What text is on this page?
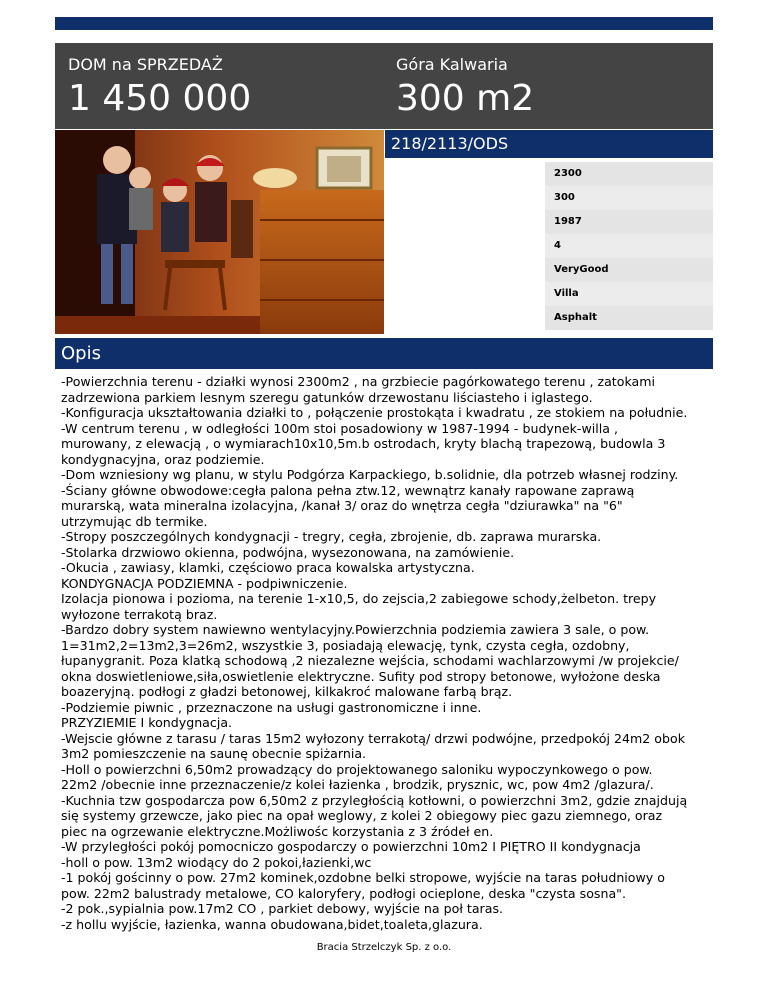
DOM na SPRZEDAŻ
1 450 000
Góra Kalwaria
300 m2
218/2113/ODS
2300
300
1987
4
VeryGood
Villa
Asphalt
Opis
-Powierzchnia terenu - działki wynosi 2300m2 , na grzbiecie pagórkowatego terenu , zatokami
zadrzewiona parkiem lesnym szeregu gatunków drzewostanu liściasteho i iglastego.
-Konfiguracja ukształtowania działki to , połączenie prostokąta i kwadratu , ze stokiem na południe.
-W centrum terenu , w odległości 100m stoi posadowiony w 1987-1994 - budynek-willa ,
murowany, z elewacją , o wymiarach10x10,5m.b ostrodach, kryty blachą trapezową, budowla 3
kondygnacyjna, oraz podziemie.
-Dom wzniesiony wg planu, w stylu Podgórza Karpackiego, b.solidnie, dla potrzeb własnej rodziny.
-Ściany główne obwodowe:cegła palona pełna ztw.12, wewnątrz kanały rapowane zaprawą
murarską, wata mineralna izolacyjna, /kanał 3/ oraz do wnętrza cegła "dziurawka" na "6"
utrzymując db termike.
-Stropy poszczególnych kondygnacji - tregry, cegła, zbrojenie, db. zaprawa murarska.
-Stolarka drzwiowo okienna, podwójna, wysezonowana, na zamówienie.
-Okucia , zawiasy, klamki, częściowo praca kowalska artystyczna.
KONDYGNACJA PODZIEMNA - podpiwniczenie.
Izolacja pionowa i pozioma, na terenie 1-x10,5, do zejscia,2 zabiegowe schody,żelbeton. trepy
wyłozone terrakotą braz.
-Bardzo dobry system nawiewno wentylacyjny.Powierzchnia podziemia zawiera 3 sale, o pow.
1=31m2,2=13m2,3=26m2, wszystkie 3, posiadają elewację, tynk, czysta cegła, ozdobny,
łupanygranit. Poza klatką schodową ,2 niezalezne wejścia, schodami wachlarzowymi /w projekcie/
okna doswietleniowe,siła,oswietlenie elektryczne. Sufity pod stropy betonowe, wyłożone deska
boazeryjną. podłogi z gładzi betonowej, kilkakroć malowane farbą brąz.
-Podziemie piwnic , przeznaczone na usługi gastronomiczne i inne.
PRZYZIEMIE I kondygnacja.
-Wejscie główne z tarasu / taras 15m2 wyłozony terrakotą/ drzwi podwójne, przedpokój 24m2 obok
3m2 pomieszczenie na saunę obecnie spiżarnia.
-Holl o powierzchni 6,50m2 prowadzący do projektowanego saloniku wypoczynkowego o pow.
22m2 /obecnie inne przeznaczenie/z kolei łazienka , brodzik, prysznic, wc, pow 4m2 /glazura/.
-Kuchnia tzw gospodarcza pow 6,50m2 z przyległością kotłowni, o powierzchni 3m2, gdzie znajdują
się systemy grzewcze, jako piec na opał weglowy, z kolei 2 obiegowy piec gazu ziemnego, oraz
piec na ogrzewanie elektryczne.Możliwośc korzystania z 3 źródeł en.
-W przyległości pokój pomocniczo gospodarczy o powierzchni 10m2 I PIĘTRO II kondygnacja
-holl o pow. 13m2 wiodący do 2 pokoi,łazienki,wc
-1 pokój gościnny o pow. 27m2 kominek,ozdobne belki stropowe, wyjście na taras południowy o
pow. 22m2 balustrady metalowe, CO kaloryfery, podłogi ocieplone, deska "czysta sosna".
-2 pok.,sypialnia pow.17m2 CO , parkiet debowy, wyjście na poł taras.
-z hollu wyjście, łazienka, wanna obudowana,bidet,toaleta,glazura.
Bracia Strzelczyk Sp. z o.o.
